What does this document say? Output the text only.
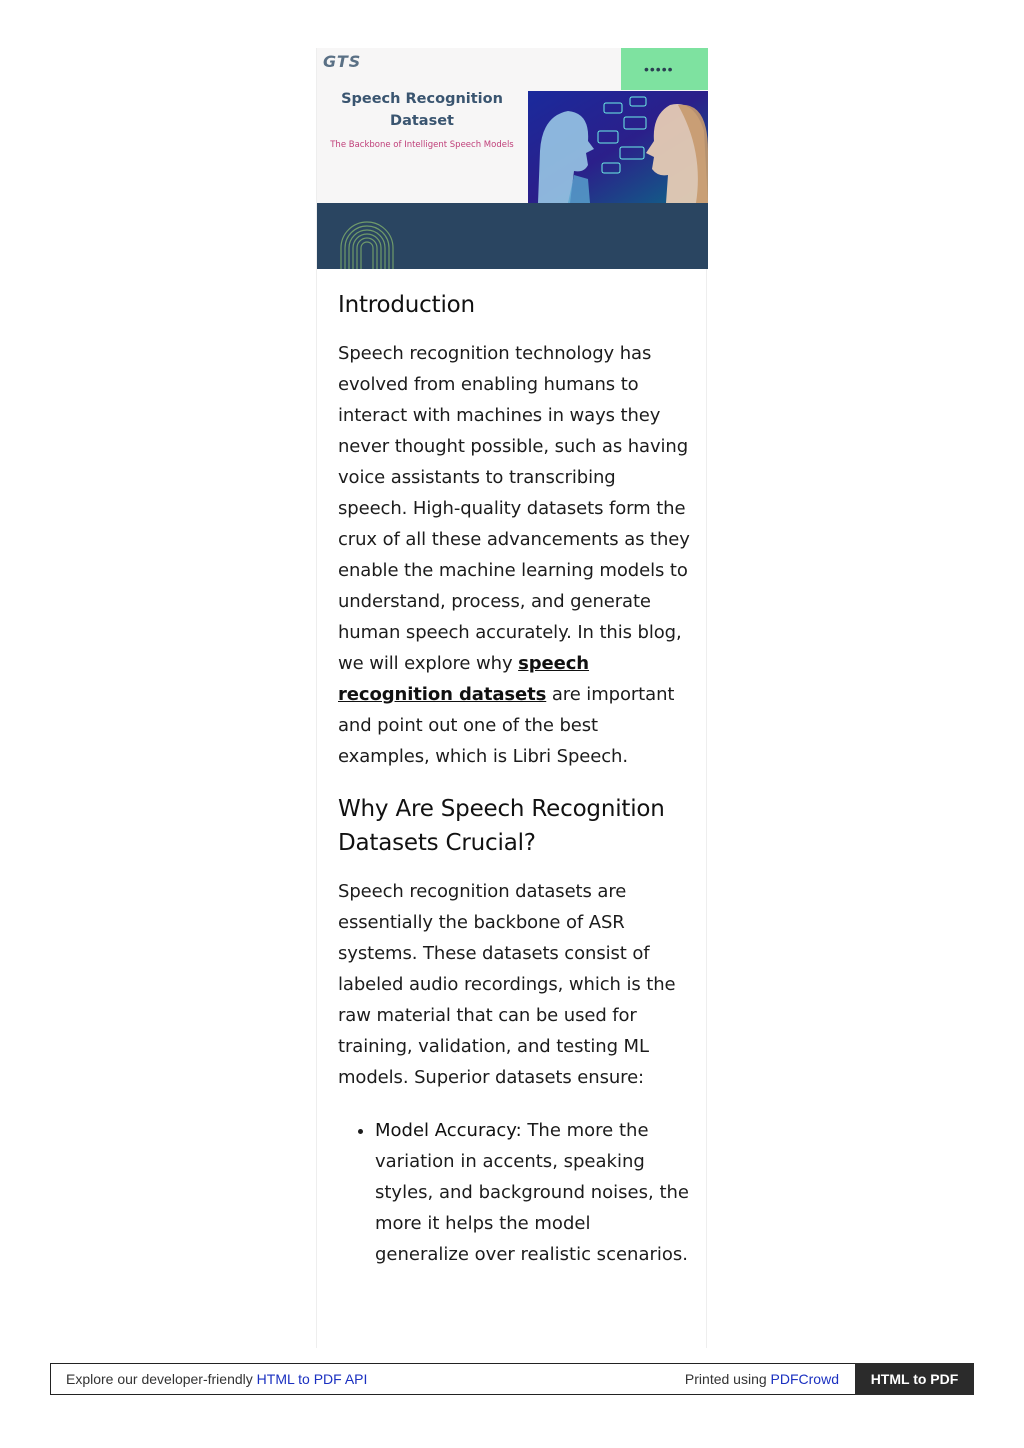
GTS	•••••
Speech Recognition Dataset
The Backbone of Intelligent Speech Models
Introduction

Speech recognition technology has evolved from enabling humans to interact with machines in ways they never thought possible, such as having voice assistants to transcribing speech. High-quality datasets form the crux of all these advancements as they enable the machine learning models to understand, process, and generate human speech accurately. In this blog, we will explore why speech recognition datasets are important and point out one of the best examples, which is Libri Speech.

Why Are Speech Recognition Datasets Crucial?

Speech recognition datasets are essentially the backbone of ASR systems. These datasets consist of labeled audio recordings, which is the raw material that can be used for training, validation, and testing ML models. Superior datasets ensure:

• Model Accuracy: The more the variation in accents, speaking styles, and background noises, the more it helps the model generalize over realistic scenarios.
Explore our developer-friendly HTML to PDF API	Printed using PDFCrowd	HTML to PDF
